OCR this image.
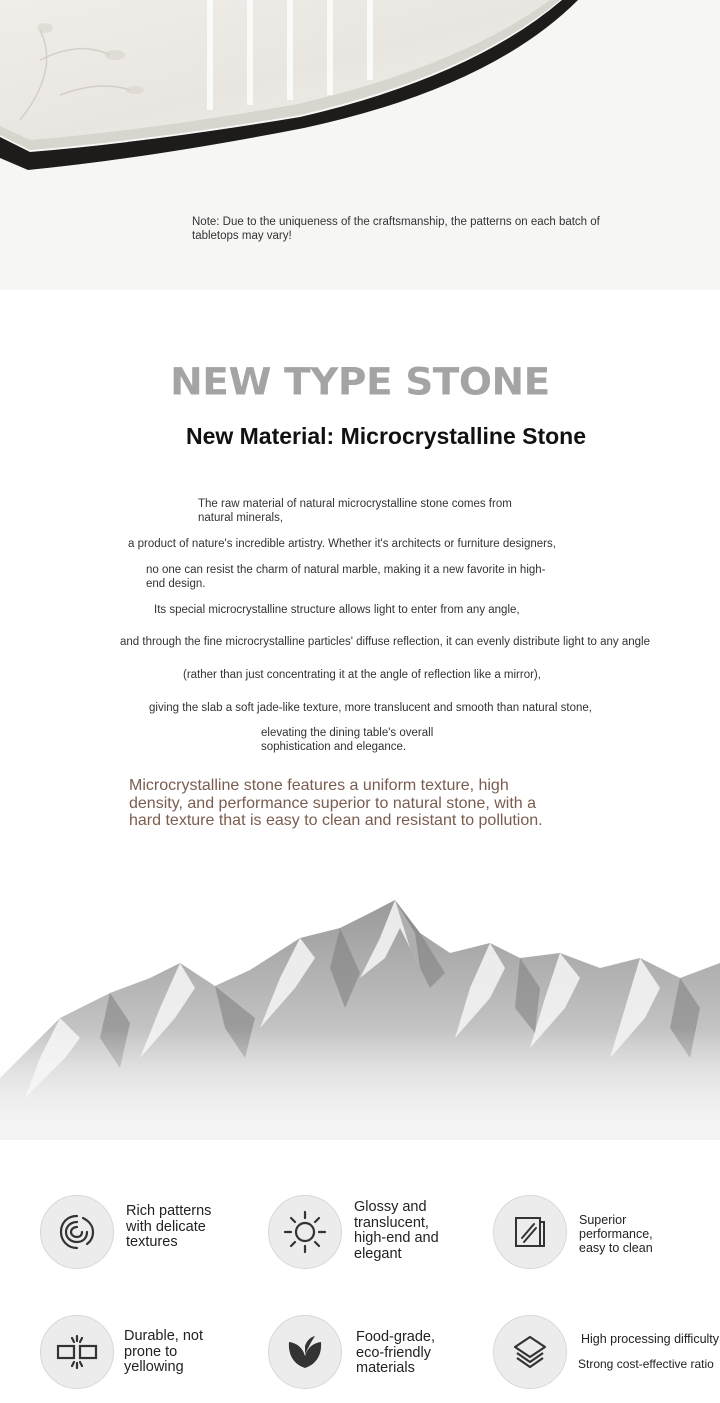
Note: Due to the uniqueness of the craftsmanship, the patterns on each batch of tabletops may vary!
NEW TYPE STONE
New Material: Microcrystalline Stone
The raw material of natural microcrystalline stone comes from natural minerals,
a product of nature's incredible artistry. Whether it's architects or furniture designers,
no one can resist the charm of natural marble, making it a new favorite in high-end design.
Its special microcrystalline structure allows light to enter from any angle,
and through the fine microcrystalline particles' diffuse reflection, it can evenly distribute light to any angle
(rather than just concentrating it at the angle of reflection like a mirror),
giving the slab a soft jade-like texture, more translucent and smooth than natural stone,
elevating the dining table's overall sophistication and elegance.
Microcrystalline stone features a uniform texture, high density, and performance superior to natural stone, with a hard texture that is easy to clean and resistant to pollution.
Rich patterns with delicate textures
Glossy and translucent, high-end and elegant
Superior performance, easy to clean
Durable, not prone to yellowing
Food-grade, eco-friendly materials
High processing difficulty
Strong cost-effective ratio
